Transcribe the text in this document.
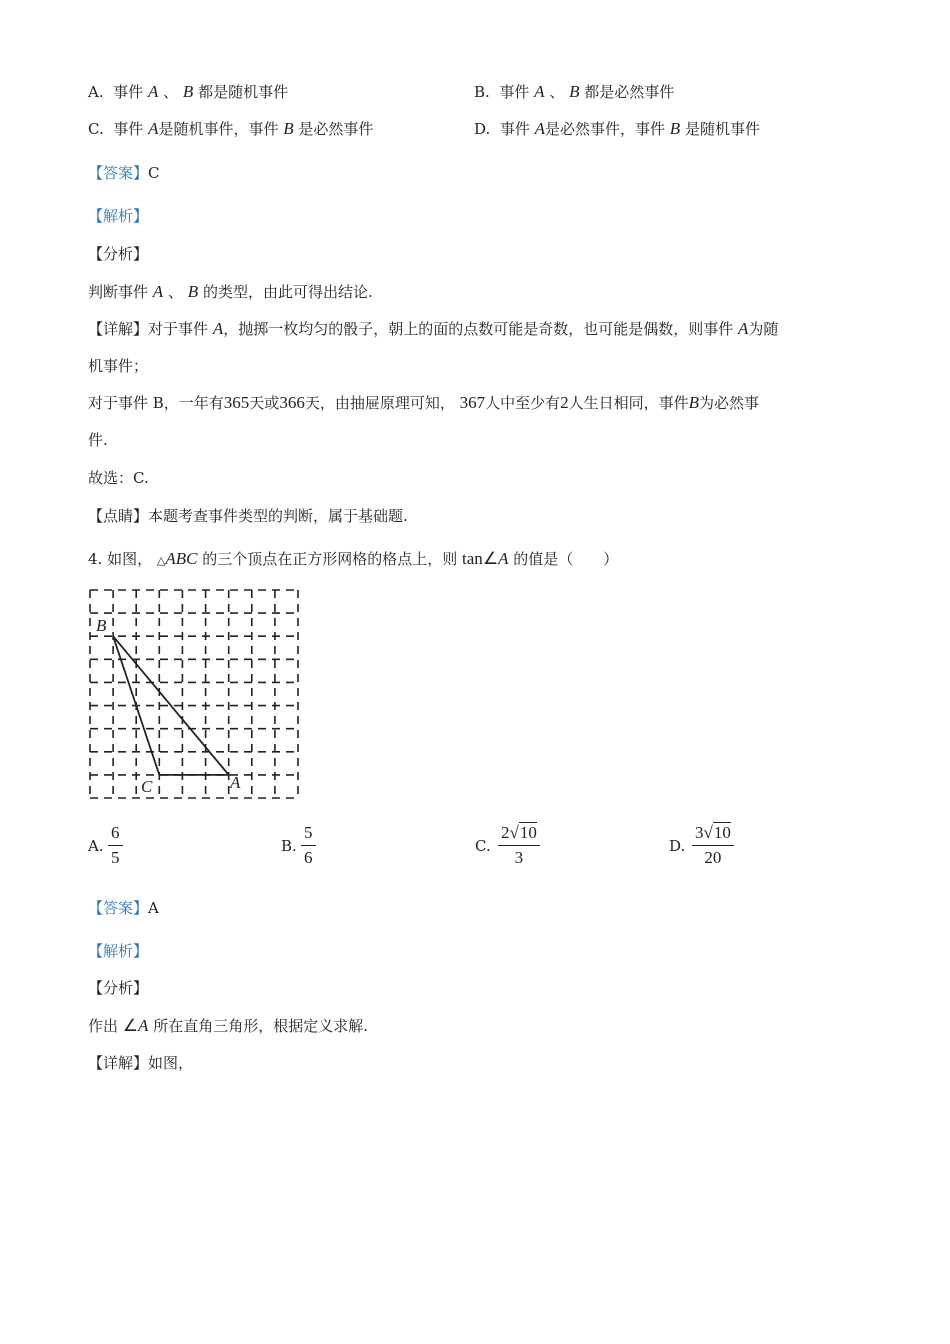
A. 事件 A 、 B 都是随机事件	B. 事件 A 、 B 都是必然事件
C. 事件 A是随机事件，事件 B 是必然事件	D. 事件 A是必然事件，事件 B 是随机事件
【答案】C
【解析】
【分析】
判断事件 A 、 B 的类型，由此可得出结论.
【详解】对于事件 A，抛掷一枚均匀的骰子，朝上的面的点数可能是奇数，也可能是偶数，则事件 A为随
机事件；
对于事件 B，一年有365天或366天，由抽屉原理可知， 367人中至少有2人生日相同，事件B为必然事
件.
故选：C.
【点睛】本题考查事件类型的判断，属于基础题.
4. 如图， △ABC 的三个顶点在正方形网格的格点上，则 tan∠A 的值是（　　）
B
C	A
A.
6
5
B.
5
6
C.
2√10
3
D.
3√10
20
【答案】A
【解析】
【分析】
作出 ∠A 所在直角三角形，根据定义求解.
【详解】如图，
